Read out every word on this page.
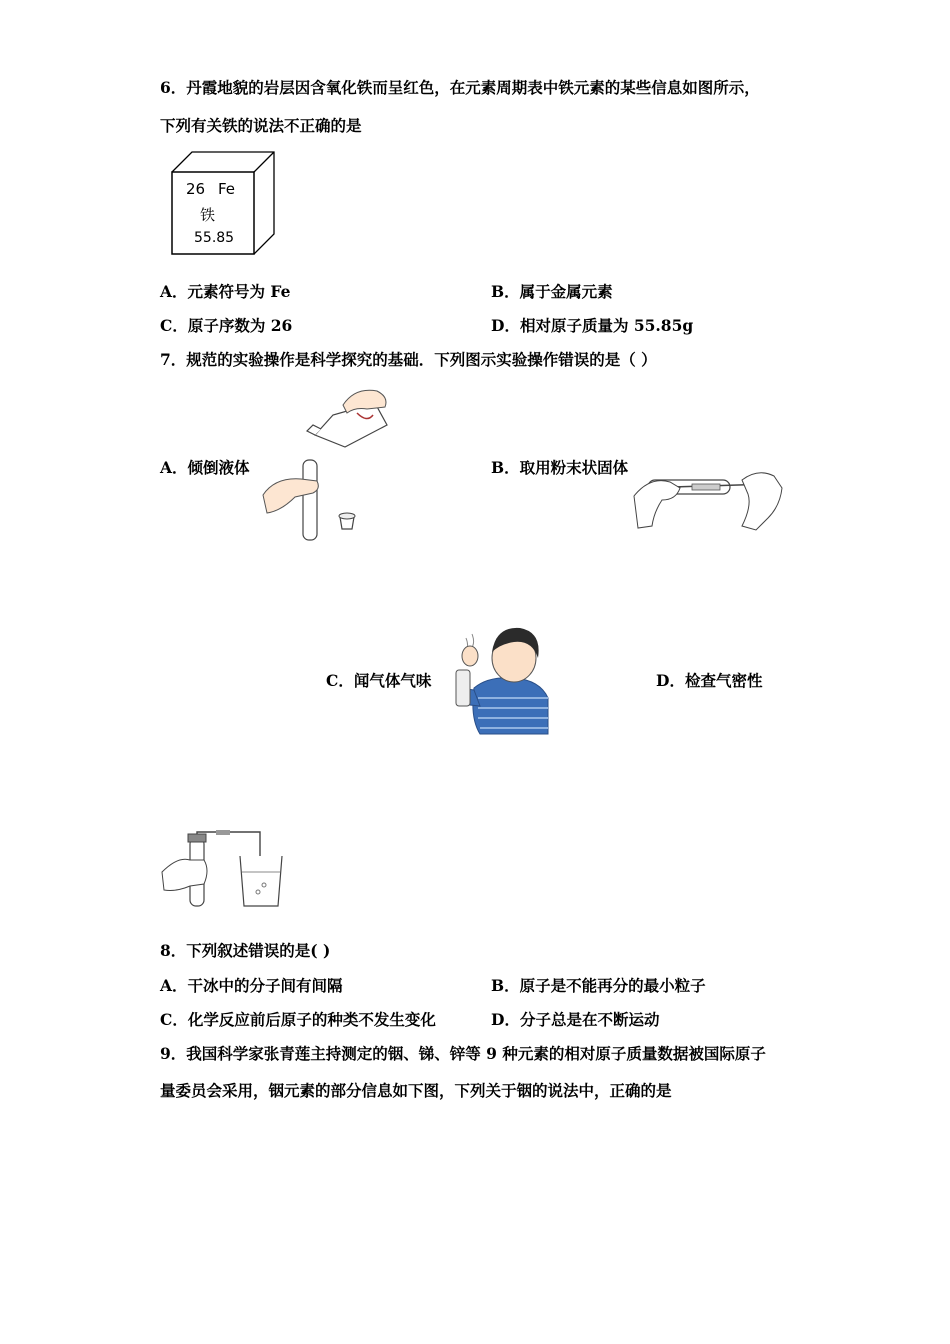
6．丹霞地貌的岩层因含氧化铁而呈红色，在元素周期表中铁元素的某些信息如图所示，
下列有关铁的说法不正确的是
26 Fe
铁
55.85
A．元素符号为 Fe	B．属于金属元素
C．原子序数为 26	D．相对原子质量为 55.85g
7．规范的实验操作是科学探究的基础．下列图示实验操作错误的是（ ）
A．倾倒液体	B．取用粉末状固体
C．闻气体气味	D．检查气密性
8．下列叙述错误的是( )
A．干冰中的分子间有间隔	B．原子是不能再分的最小粒子
C．化学反应前后原子的种类不发生变化	D．分子总是在不断运动
9．我国科学家张青莲主持测定的铟、锑、锌等 9 种元素的相对原子质量数据被国际原子
量委员会采用，铟元素的部分信息如下图，下列关于铟的说法中，正确的是
